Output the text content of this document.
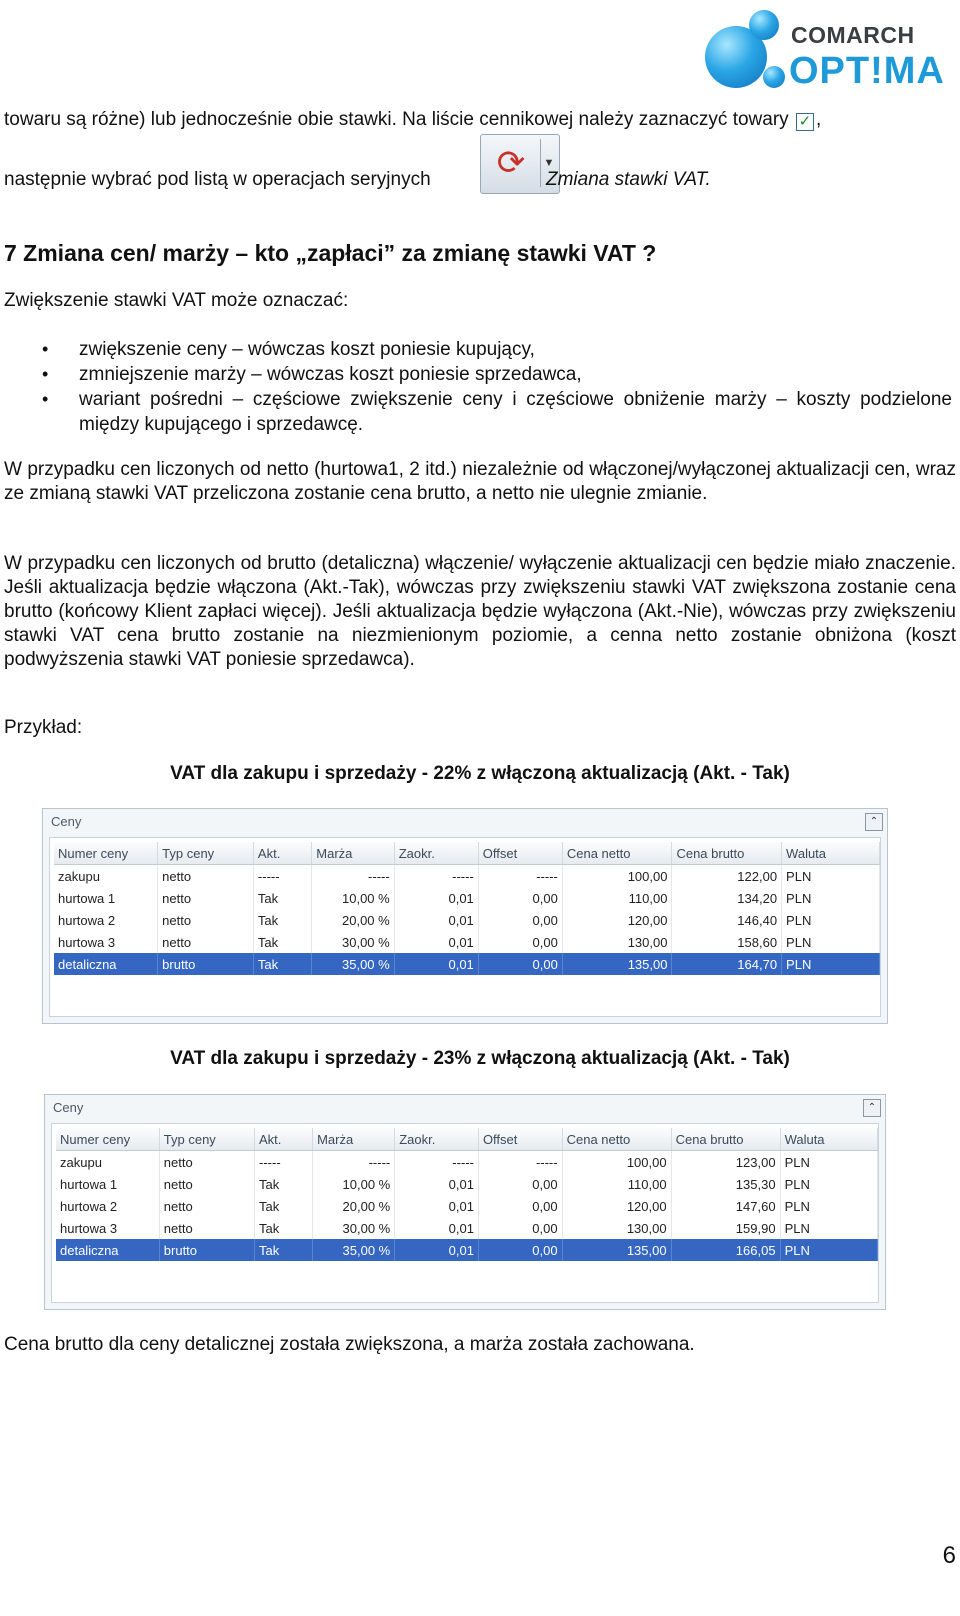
COMARCH
OPT!MA
towaru są różne) lub jednocześnie obie stawki. Na liście cennikowej należy zaznaczyć towary ✓ ,
następnie wybrać pod listą w operacjach seryjnych	⟳	▼
Zmiana stawki VAT.
7 Zmiana cen/ marży – kto „zapłaci” za zmianę stawki VAT ?
Zwiększenie stawki VAT może oznaczać:
• zwiększenie ceny – wówczas koszt poniesie kupujący,
• zmniejszenie marży – wówczas koszt poniesie sprzedawca,
• wariant pośredni – częściowe zwiększenie ceny i częściowe obniżenie marży – koszty podzielone między kupującego i sprzedawcę.
W przypadku cen liczonych od netto (hurtowa1, 2 itd.) niezależnie od włączonej/wyłączonej aktualizacji cen, wraz ze zmianą stawki VAT przeliczona zostanie cena brutto, a netto nie ulegnie zmianie.
W przypadku cen liczonych od brutto (detaliczna) włączenie/ wyłączenie aktualizacji cen będzie miało znaczenie. Jeśli aktualizacja będzie włączona (Akt.-Tak), wówczas przy zwiększeniu stawki VAT zwiększona zostanie cena brutto (końcowy Klient zapłaci więcej). Jeśli aktualizacja będzie wyłączona (Akt.-Nie), wówczas przy zwiększeniu stawki VAT cena brutto zostanie na niezmienionym poziomie, a cenna netto zostanie obniżona (koszt podwyższenia stawki VAT poniesie sprzedawca).
Przykład:
VAT dla zakupu i sprzedaży - 22% z włączoną aktualizacją (Akt. - Tak)
Ceny	⌃
Numer ceny	Typ ceny	Akt.	Marża	Zaokr.	Offset	Cena netto	Cena brutto	Waluta
zakupu	netto	-----	-----	-----	-----	100,00	122,00	PLN
hurtowa 1	netto	Tak	10,00 %	0,01	0,00	110,00	134,20	PLN
hurtowa 2	netto	Tak	20,00 %	0,01	0,00	120,00	146,40	PLN
hurtowa 3	netto	Tak	30,00 %	0,01	0,00	130,00	158,60	PLN
detaliczna	brutto	Tak	35,00 %	0,01	0,00	135,00	164,70	PLN
VAT dla zakupu i sprzedaży - 23% z włączoną aktualizacją (Akt. - Tak)
Ceny	⌃
Numer ceny	Typ ceny	Akt.	Marża	Zaokr.	Offset	Cena netto	Cena brutto	Waluta
zakupu	netto	-----	-----	-----	-----	100,00	123,00	PLN
hurtowa 1	netto	Tak	10,00 %	0,01	0,00	110,00	135,30	PLN
hurtowa 2	netto	Tak	20,00 %	0,01	0,00	120,00	147,60	PLN
hurtowa 3	netto	Tak	30,00 %	0,01	0,00	130,00	159,90	PLN
detaliczna	brutto	Tak	35,00 %	0,01	0,00	135,00	166,05	PLN
Cena brutto dla ceny detalicznej została zwiększona, a marża została zachowana.
6
